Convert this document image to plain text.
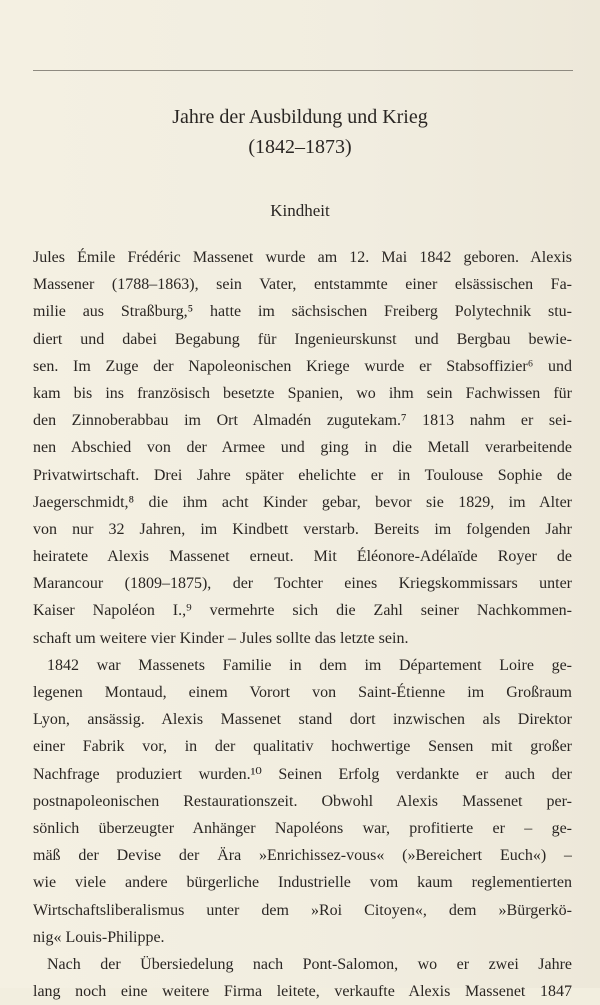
Jahre der Ausbildung und Krieg
(1842–1873)
Kindheit
Jules Émile Frédéric Massenet wurde am 12. Mai 1842 geboren. Alexis
Massener (1788–1863), sein Vater, entstammte einer elsässischen Fa-
milie aus Straßburg,⁵ hatte im sächsischen Freiberg Polytechnik stu-
diert und dabei Begabung für Ingenieurskunst und Bergbau bewie-
sen. Im Zuge der Napoleonischen Kriege wurde er Stabsoffizier⁶ und
kam bis ins französisch besetzte Spanien, wo ihm sein Fachwissen für
den Zinnoberabbau im Ort Almadén zugutekam.⁷ 1813 nahm er sei-
nen Abschied von der Armee und ging in die Metall verarbeitende
Privatwirtschaft. Drei Jahre später ehelichte er in Toulouse Sophie de
Jaegerschmidt,⁸ die ihm acht Kinder gebar, bevor sie 1829, im Alter
von nur 32 Jahren, im Kindbett verstarb. Bereits im folgenden Jahr
heiratete Alexis Massenet erneut. Mit Éléonore-Adélaïde Royer de
Marancour (1809–1875), der Tochter eines Kriegskommissars unter
Kaiser Napoléon I.,⁹ vermehrte sich die Zahl seiner Nachkommen-
schaft um weitere vier Kinder – Jules sollte das letzte sein.
1842 war Massenets Familie in dem im Département Loire ge-
legenen Montaud, einem Vorort von Saint-Étienne im Großraum
Lyon, ansässig. Alexis Massenet stand dort inzwischen als Direktor
einer Fabrik vor, in der qualitativ hochwertige Sensen mit großer
Nachfrage produziert wurden.¹⁰ Seinen Erfolg verdankte er auch der
postnapoleonischen Restaurationszeit. Obwohl Alexis Massenet per-
sönlich überzeugter Anhänger Napoléons war, profitierte er – ge-
mäß der Devise der Ära »Enrichissez-vous« (»Bereichert Euch«) –
wie viele andere bürgerliche Industrielle vom kaum reglementierten
Wirtschaftsliberalismus unter dem »Roi Citoyen«, dem »Bürgerkö-
nig« Louis-Philippe.
Nach der Übersiedelung nach Pont-Salomon, wo er zwei Jahre
lang noch eine weitere Firma leitete, verkaufte Alexis Massenet 1847
